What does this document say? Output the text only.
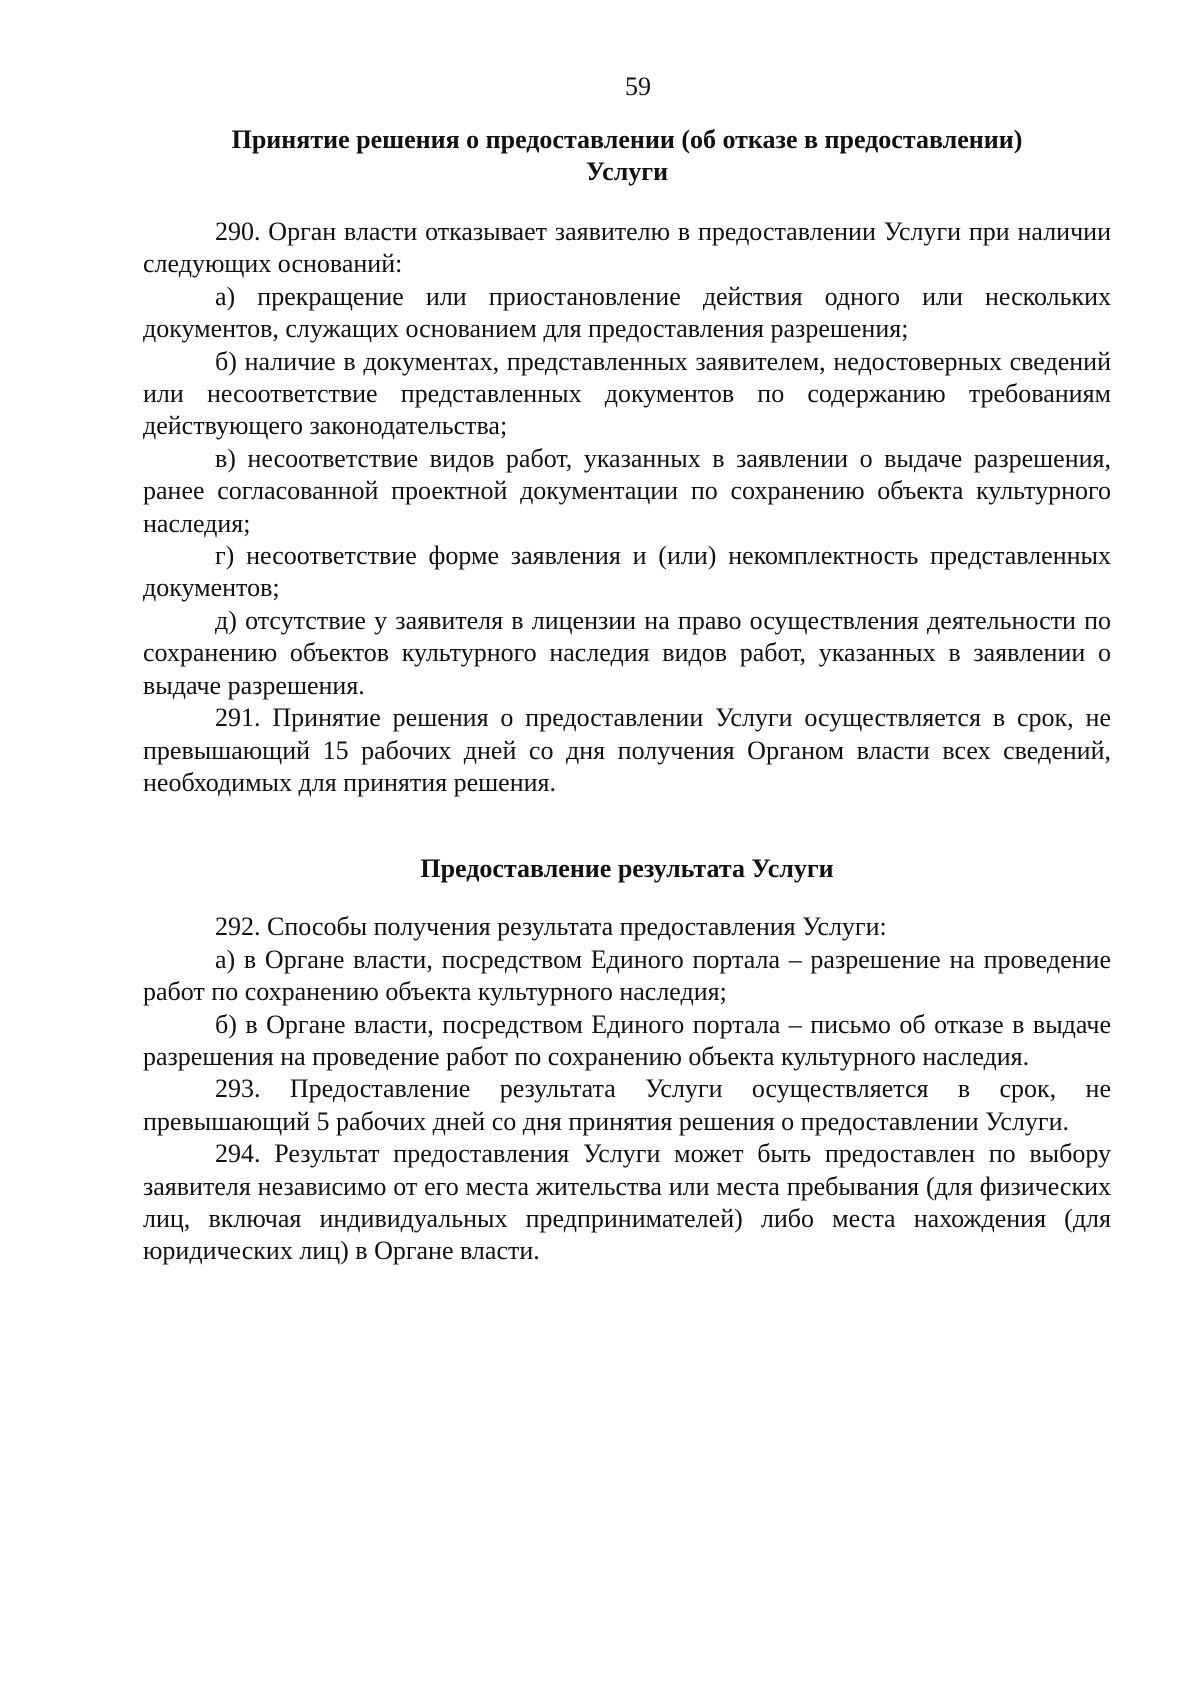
59
Принятие решения о предоставлении (об отказе в предоставлении)
Услуги

290. Орган власти отказывает заявителю в предоставлении Услуги при наличии следующих оснований:

а) прекращение или приостановление действия одного или нескольких документов, служащих основанием для предоставления разрешения;

б) наличие в документах, представленных заявителем, недостоверных сведений или несоответствие представленных документов по содержанию требованиям действующего законодательства;

в) несоответствие видов работ, указанных в заявлении о выдаче разрешения, ранее согласованной проектной документации по сохранению объекта культурного наследия;

г) несоответствие форме заявления и (или) некомплектность представленных документов;

д) отсутствие у заявителя в лицензии на право осуществления деятельности по сохранению объектов культурного наследия видов работ, указанных в заявлении о выдаче разрешения.

291. Принятие решения о предоставлении Услуги осуществляется в срок, не превышающий 15 рабочих дней со дня получения Органом власти всех сведений, необходимых для принятия решения.

Предоставление результата Услуги

292. Способы получения результата предоставления Услуги:

а) в Органе власти, посредством Единого портала – разрешение на проведение работ по сохранению объекта культурного наследия;

б) в Органе власти, посредством Единого портала – письмо об отказе в выдаче разрешения на проведение работ по сохранению объекта культурного наследия.

293. Предоставление результата Услуги осуществляется в срок, не превышающий 5 рабочих дней со дня принятия решения о предоставлении Услуги.

294. Результат предоставления Услуги может быть предоставлен по выбору заявителя независимо от его места жительства или места пребывания (для физических лиц, включая индивидуальных предпринимателей) либо места нахождения (для юридических лиц) в Органе власти.
